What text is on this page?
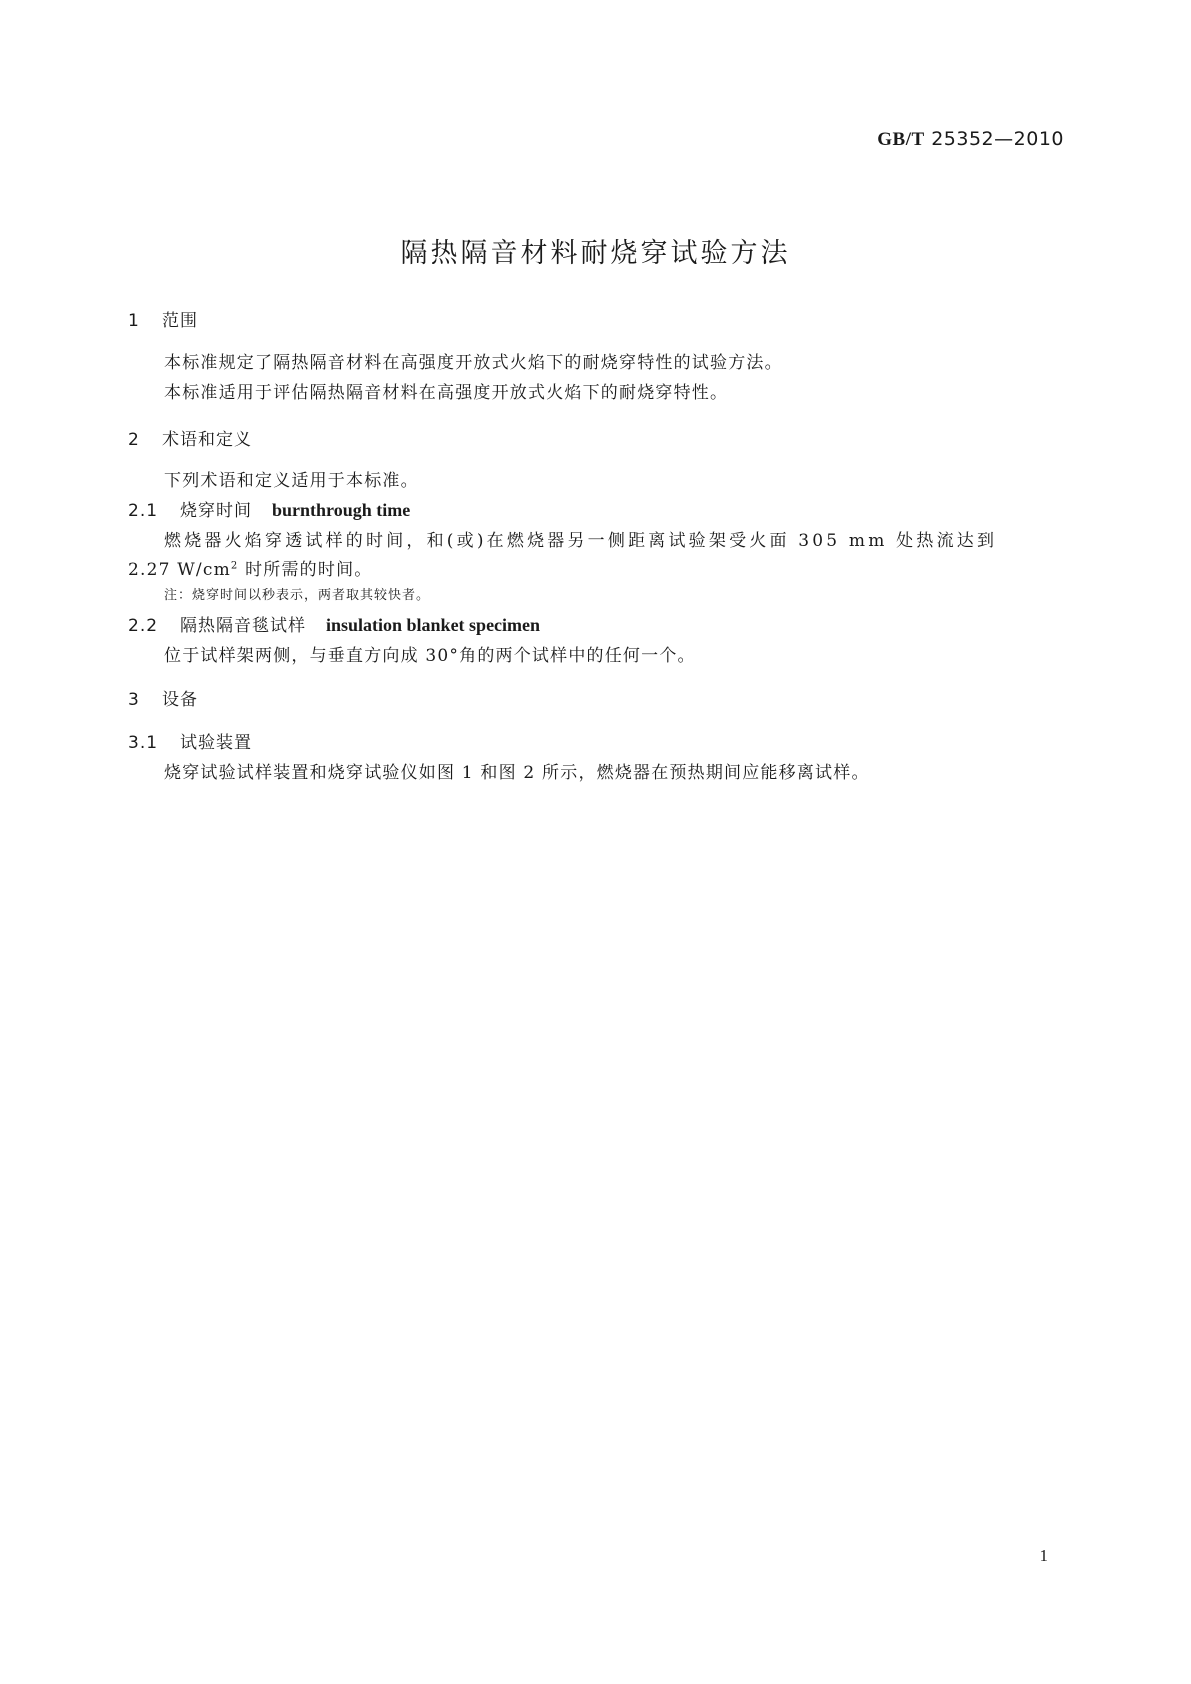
GB/T 25352—2010
隔热隔音材料耐烧穿试验方法
1 范围
本标准规定了隔热隔音材料在高强度开放式火焰下的耐烧穿特性的试验方法。
本标准适用于评估隔热隔音材料在高强度开放式火焰下的耐烧穿特性。
2 术语和定义
下列术语和定义适用于本标准。
2.1 烧穿时间 burnthrough time
燃烧器火焰穿透试样的时间，和(或)在燃烧器另一侧距离试验架受火面 305 mm 处热流达到
2.27 $W/cm^2$ 时所需的时间。
注：烧穿时间以秒表示，两者取其较快者。
2.2 隔热隔音毯试样 insulation blanket specimen
位于试样架两侧，与垂直方向成 30°角的两个试样中的任何一个。
3 设备
3.1 试验装置
烧穿试验试样装置和烧穿试验仪如图 1 和图 2 所示，燃烧器在预热期间应能移离试样。
1
